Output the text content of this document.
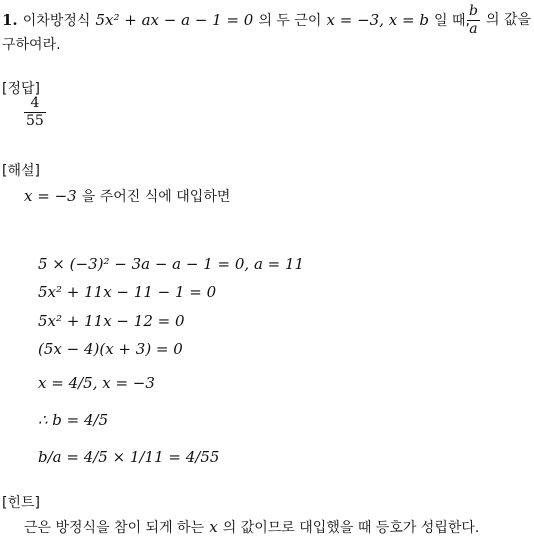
1. 이차방정식 5x² + ax − a − 1 = 0 의 두 근이 x = −3, x = b 일 때,
$\frac{b}{a}$ 의 값을
구하여라.
[정답]
$\frac{4}{55}$
[해설]
x = −3 을 주어진 식에 대입하면
5 × (−3)² − 3a − a − 1 = 0, a = 11
5x² + 11x − 11 − 1 = 0
5x² + 11x − 12 = 0
(5x − 4)(x + 3) = 0
x = 4/5, x = −3
∴ b = 4/5
b/a = 4/5 × 1/11 = 4/55
[힌트]
근은 방정식을 참이 되게 하는 x 의 값이므로 대입했을 때 등호가 성립한다.
